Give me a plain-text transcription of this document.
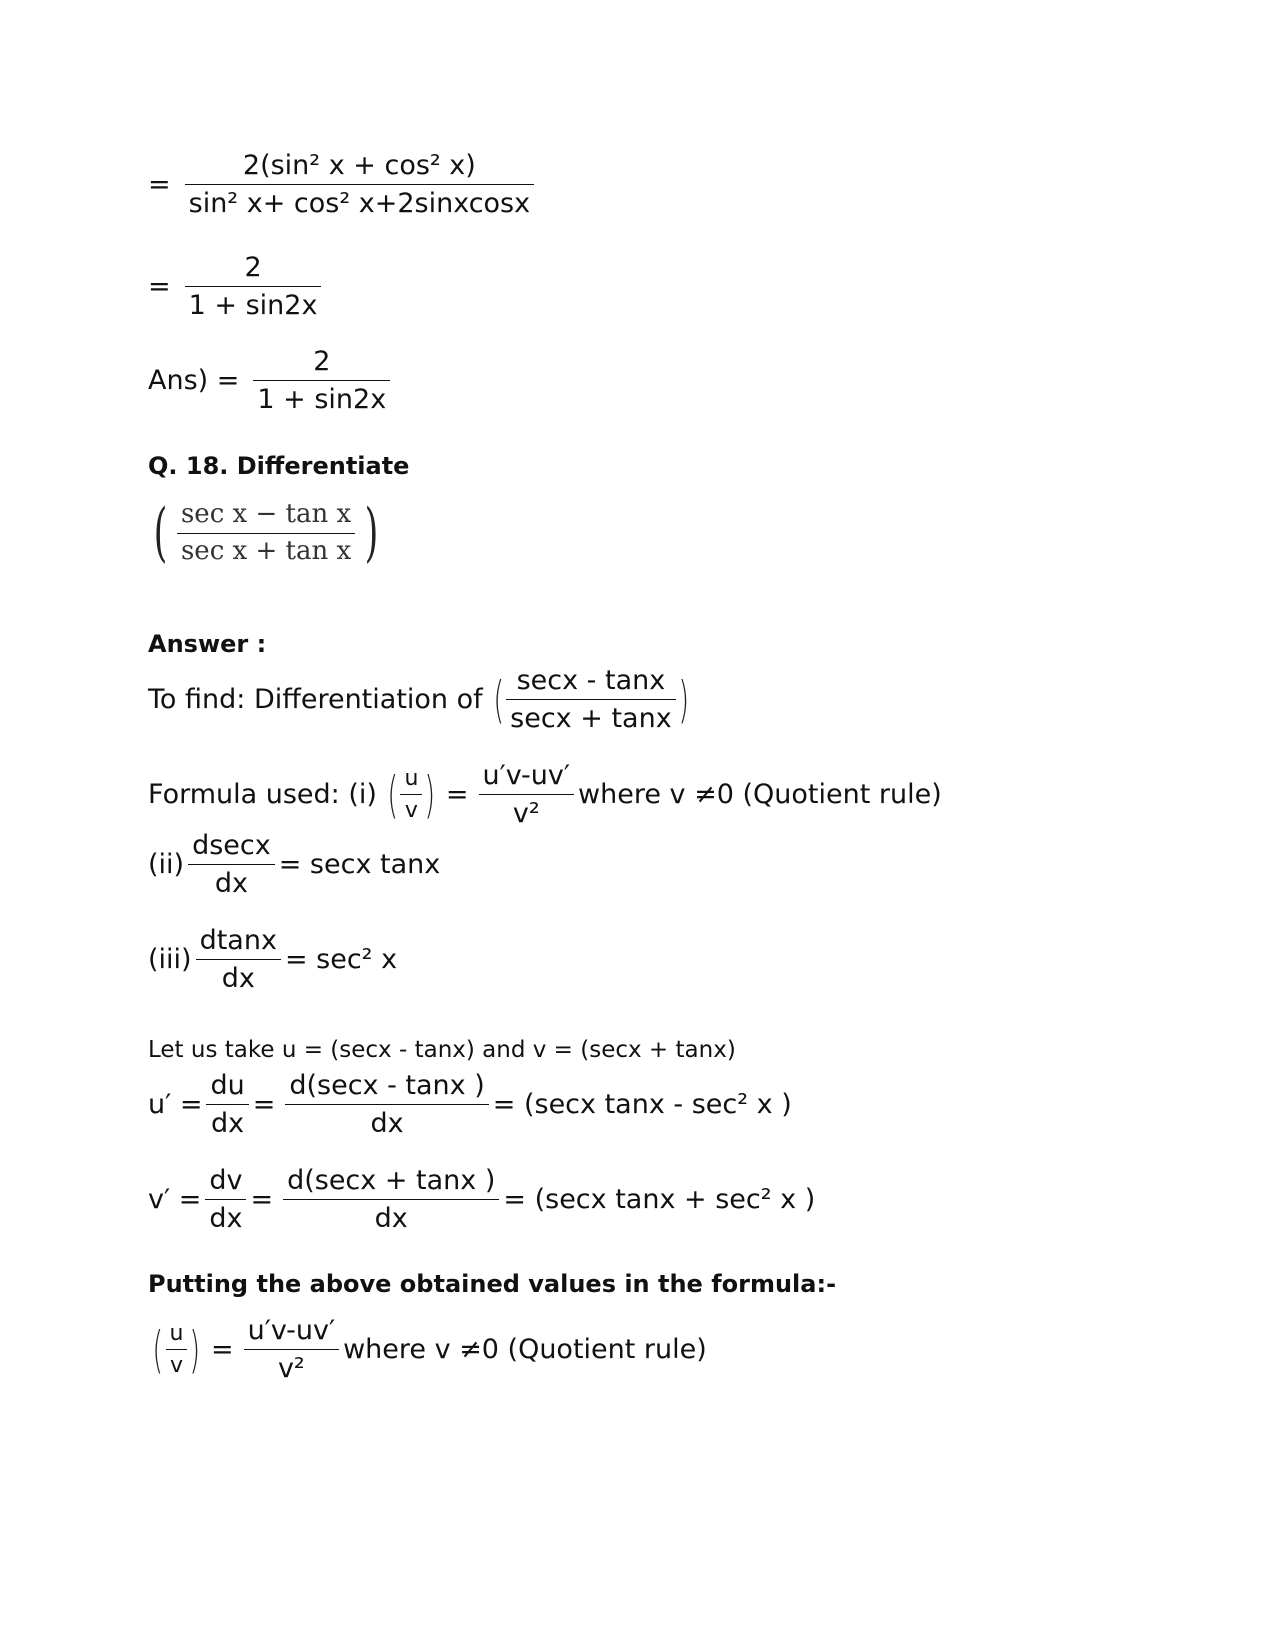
= $\frac{\text{2(sin² x + cos² x)}}{\text{sin² x+ cos² x+2sinxcosx}}$
= $\frac{2}{1 + \sin 2x}$
$Ans) = \frac{2}{1 + \sin 2x}$
Q. 18. Differentiate
( $\frac{\text{sec x − tan x}}{\text{sec x + tan x}}$ )
Answer :
To find: Differentiation of ( $\frac{\sec x - \tan x}{\sec x + \tan x}$ )
Formula used: (i) ( $\frac{u}{v}$ ) = $\frac{u'v-uv'}{\text{v²}}$ where v ≠0 (Quotient rule)
$(ii) \frac{dsecx}{dx} = \sec x$ tanx
$(iii) \frac{dtanx}{dx} = \sec^2$ x
Let us take u = (secx - tanx) and v = (secx + tanx)
$u' = \frac{du}{dx} = \frac{d(\sec x - \tan x )}{dx} = (\sec x$ tanx - sec² x )
$v' = \frac{dv}{dx} = \frac{d(\sec x + \tan x )}{dx} = (\sec x$ tanx + sec² x )
Putting the above obtained values in the formula:-
( $\frac{u}{v}$ ) = $\frac{u'v-uv'}{\text{v²}}$ where v ≠0 (Quotient rule)
